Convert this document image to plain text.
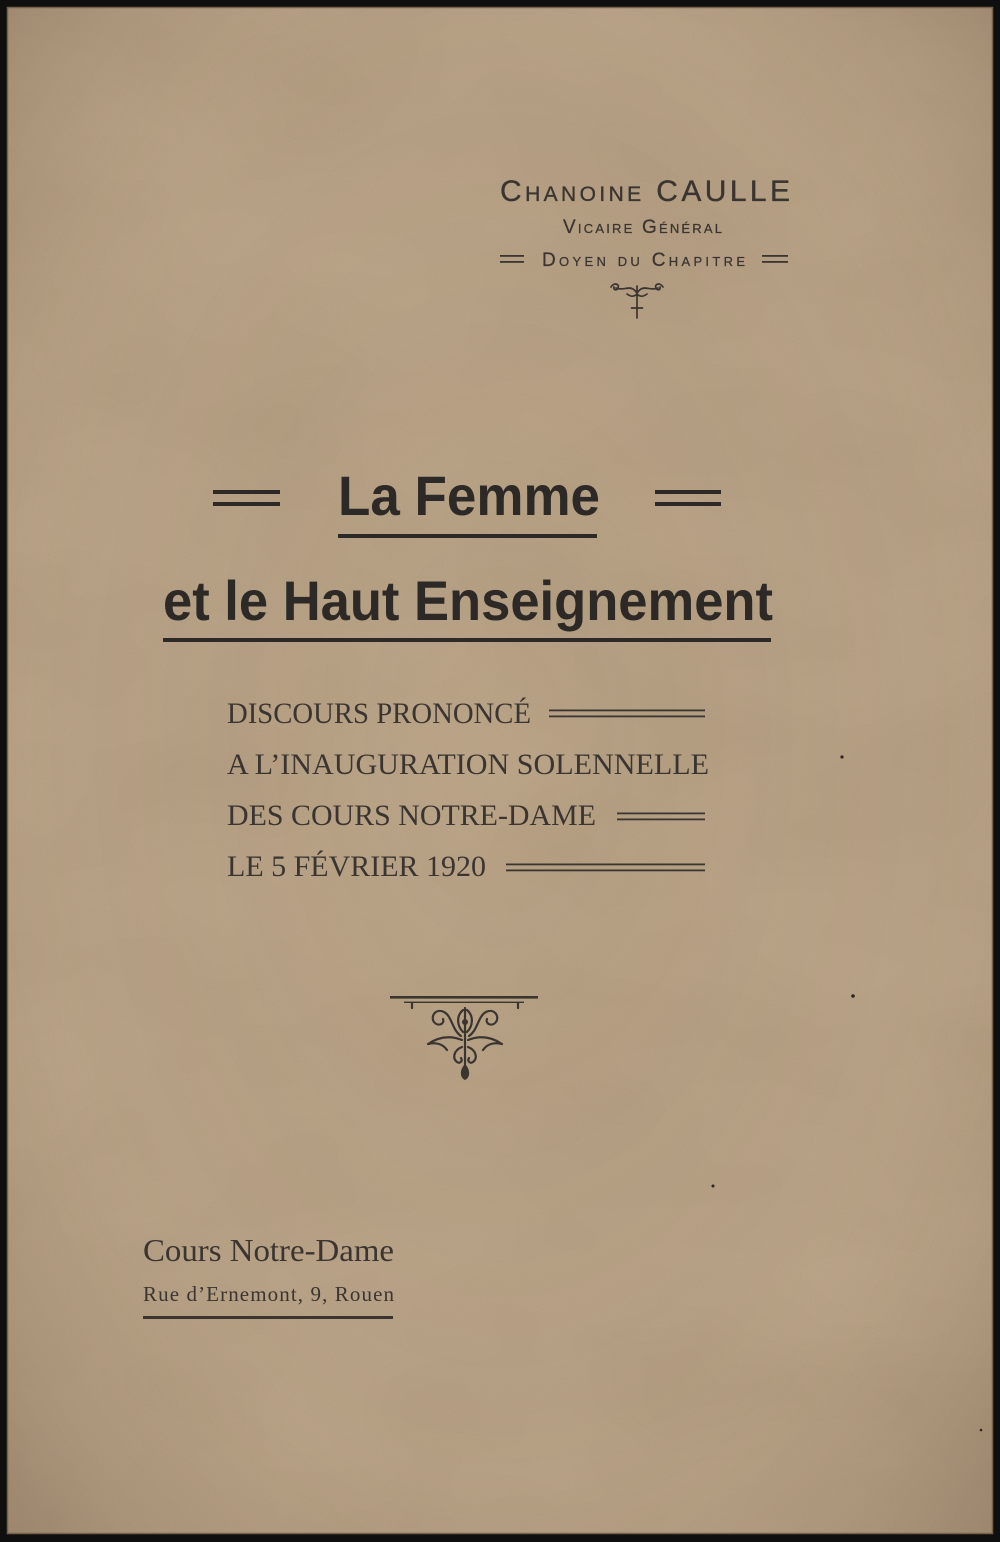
Chanoine CAULLE
Vicaire Général
Doyen du Chapitre
La Femme
et le Haut Enseignement
DISCOURS PRONONCÉ
A L’INAUGURATION SOLENNELLE
DES COURS NOTRE-DAME
LE 5 FÉVRIER 1920
Cours Notre-Dame
Rue d’Ernemont, 9, Rouen
